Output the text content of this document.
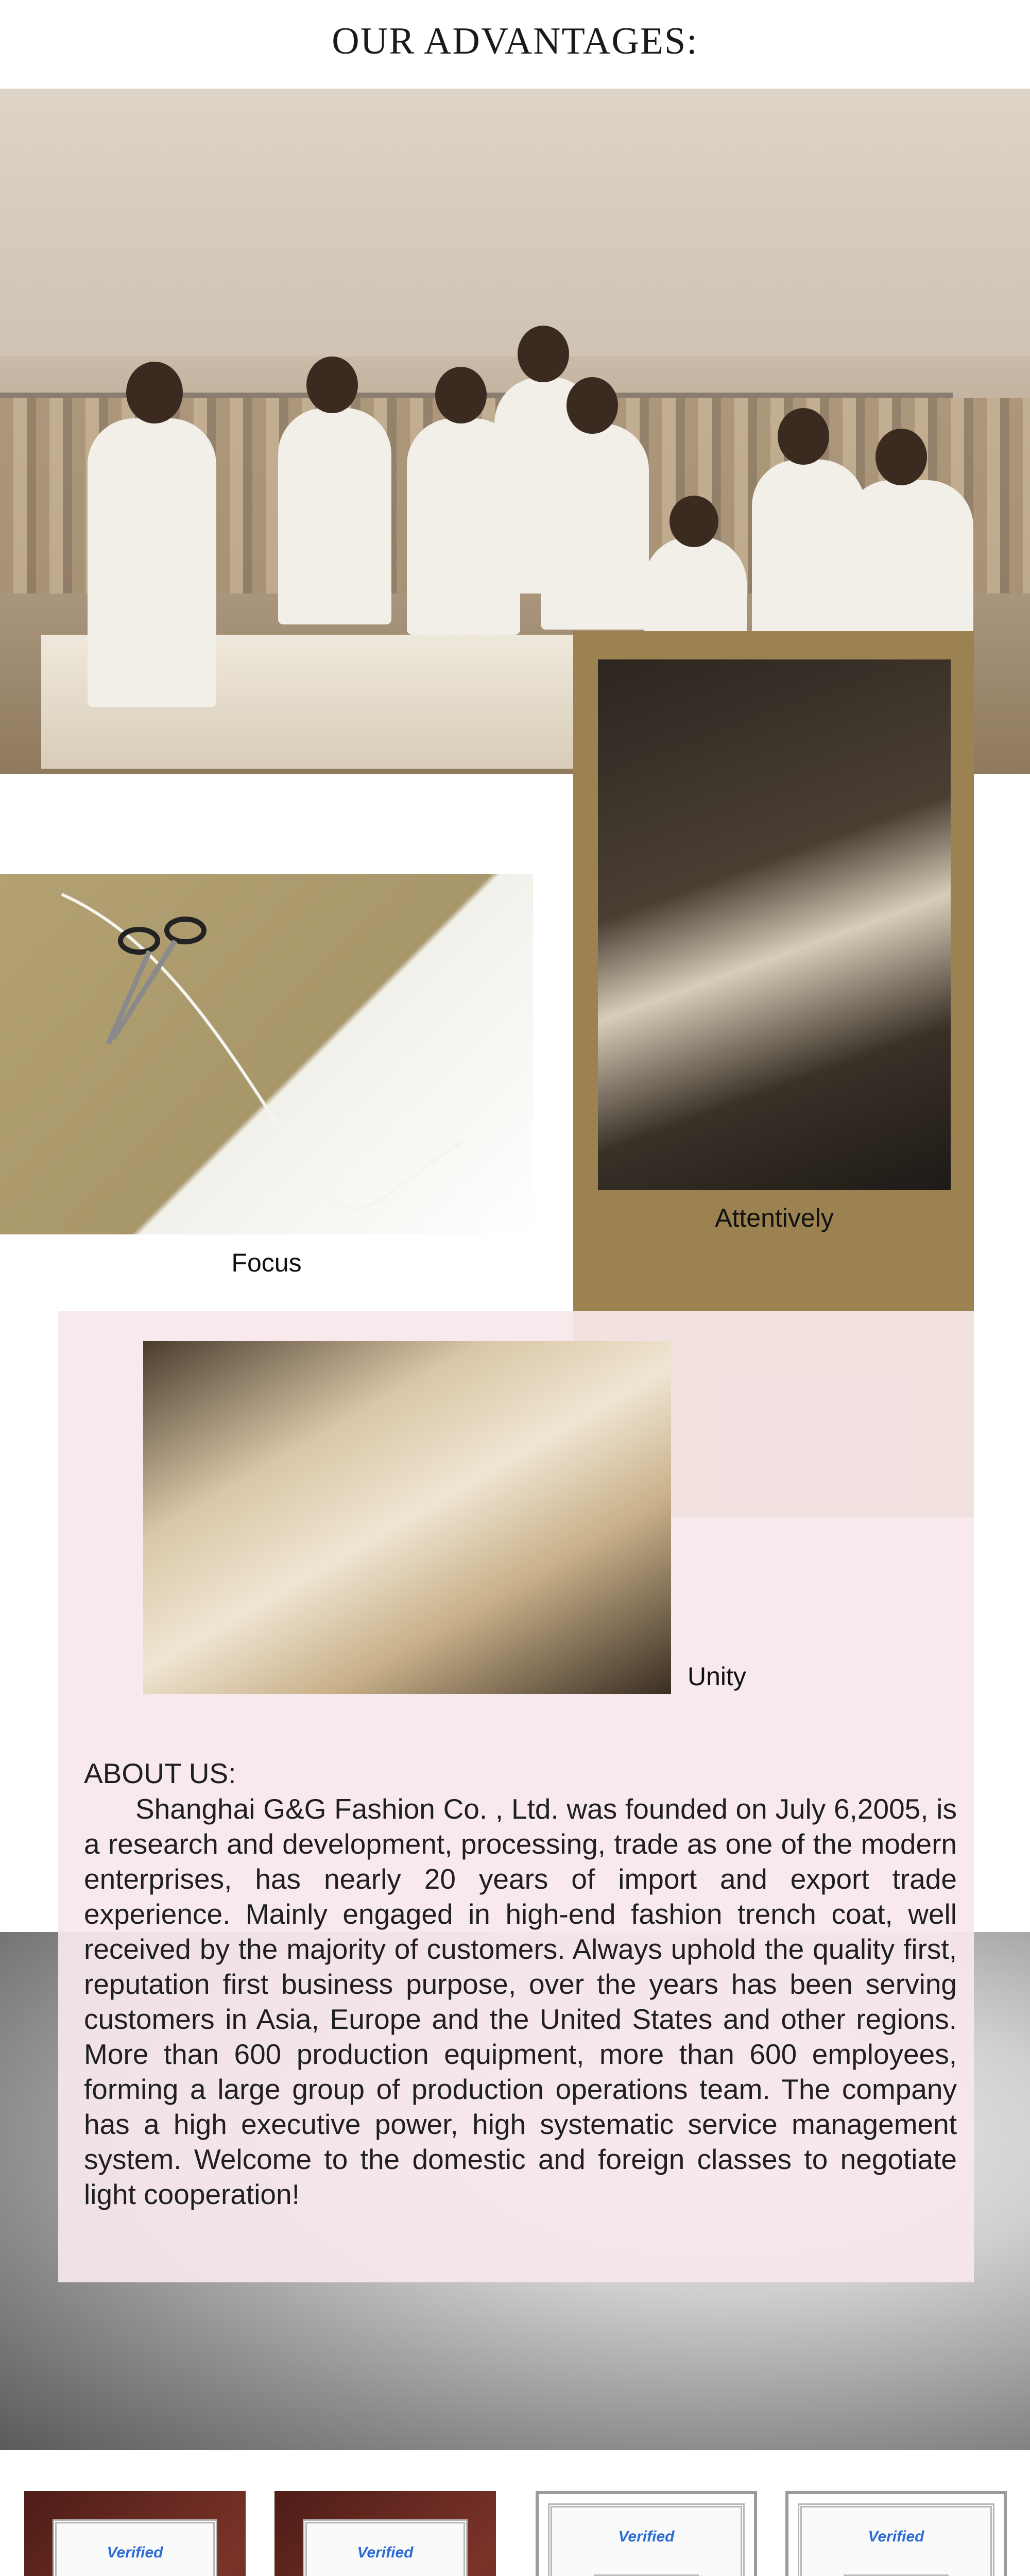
OUR ADVANTAGES:
Attentively
Focus
Unity
ABOUT US:
Shanghai G&G Fashion Co. , Ltd. was founded on July 6,2005, is a research and development, processing, trade as one of the modern enterprises, has nearly 20 years of import and export trade experience. Mainly engaged in high-end fashion trench coat, well received by the majority of customers. Always uphold the quality first, reputation first business purpose, over the years has been serving customers in Asia, Europe and the United States and other regions. More than 600 production equipment, more than 600 employees, forming a large group of production operations team. The company has a high executive power, high systematic service management system. Welcome to the domestic and foreign classes to negotiate light cooperation!
Verified	Verified
Verified	Verified
